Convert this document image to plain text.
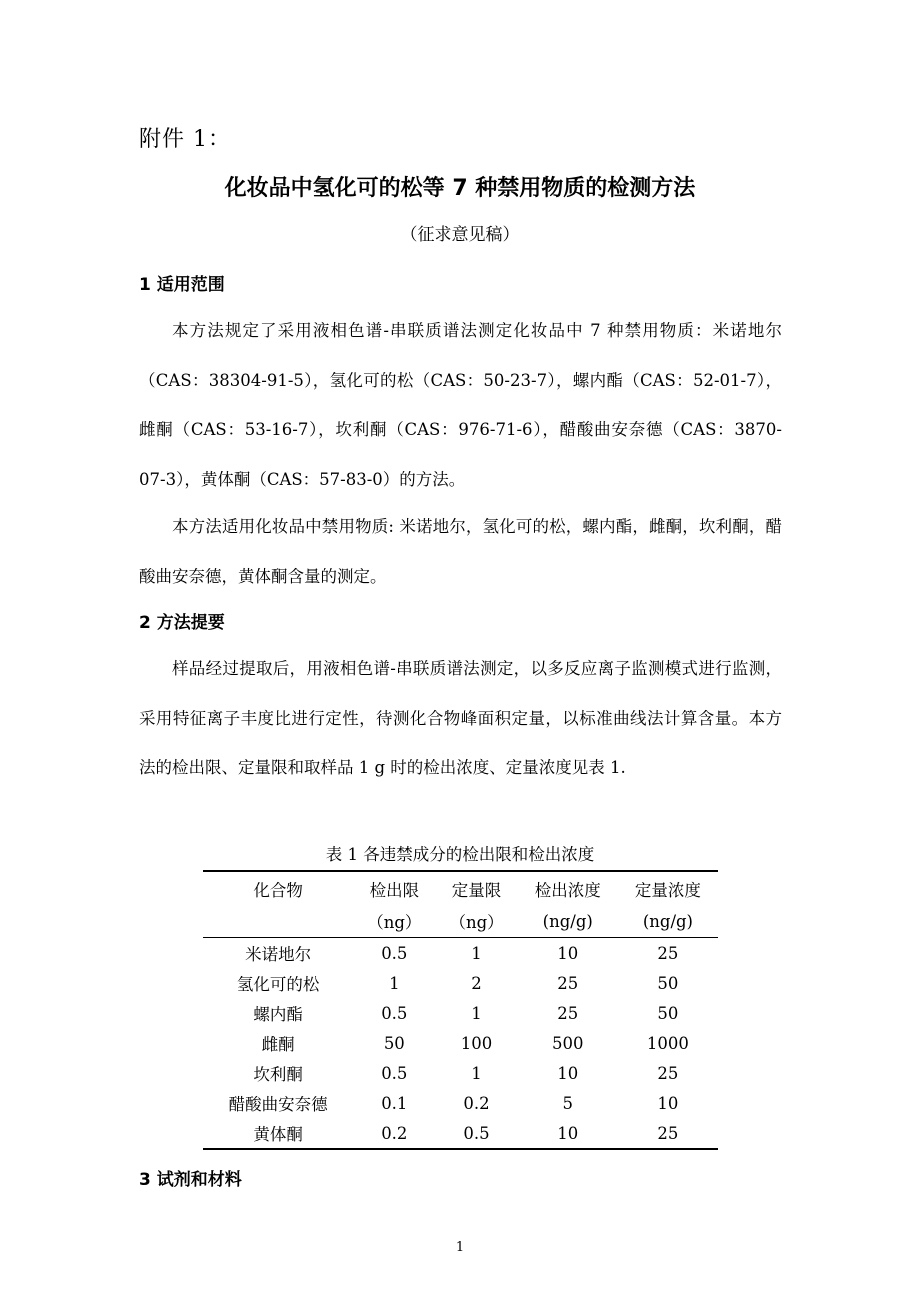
附件 1：
化妆品中氢化可的松等 7 种禁用物质的检测方法
（征求意见稿）
1 适用范围
本方法规定了采用液相色谱-串联质谱法测定化妆品中 7 种禁用物质：米诺地尔（CAS：38304-91-5），氢化可的松（CAS：50-23-7），螺内酯（CAS：52-01-7），雌酮（CAS：53-16-7），坎利酮（CAS：976-71-6），醋酸曲安奈德（CAS：3870-07-3），黄体酮（CAS：57-83-0）的方法。
本方法适用化妆品中禁用物质: 米诺地尔，氢化可的松，螺内酯，雌酮，坎利酮，醋酸曲安奈德，黄体酮含量的测定。
2 方法提要
样品经过提取后，用液相色谱-串联质谱法测定，以多反应离子监测模式进行监测，采用特征离子丰度比进行定性，待测化合物峰面积定量，以标准曲线法计算含量。本方法的检出限、定量限和取样品 1 g 时的检出浓度、定量浓度见表 1.
表 1 各违禁成分的检出限和检出浓度
化合物	检出限	定量限	检出浓度	定量浓度
	（ng）	（ng）	(ng/g)	(ng/g)
米诺地尔	0.5	1	10	25
氢化可的松	1	2	25	50
螺内酯	0.5	1	25	50
雌酮	50	100	500	1000
坎利酮	0.5	1	10	25
醋酸曲安奈德	0.1	0.2	5	10
黄体酮	0.2	0.5	10	25
3 试剂和材料
1
